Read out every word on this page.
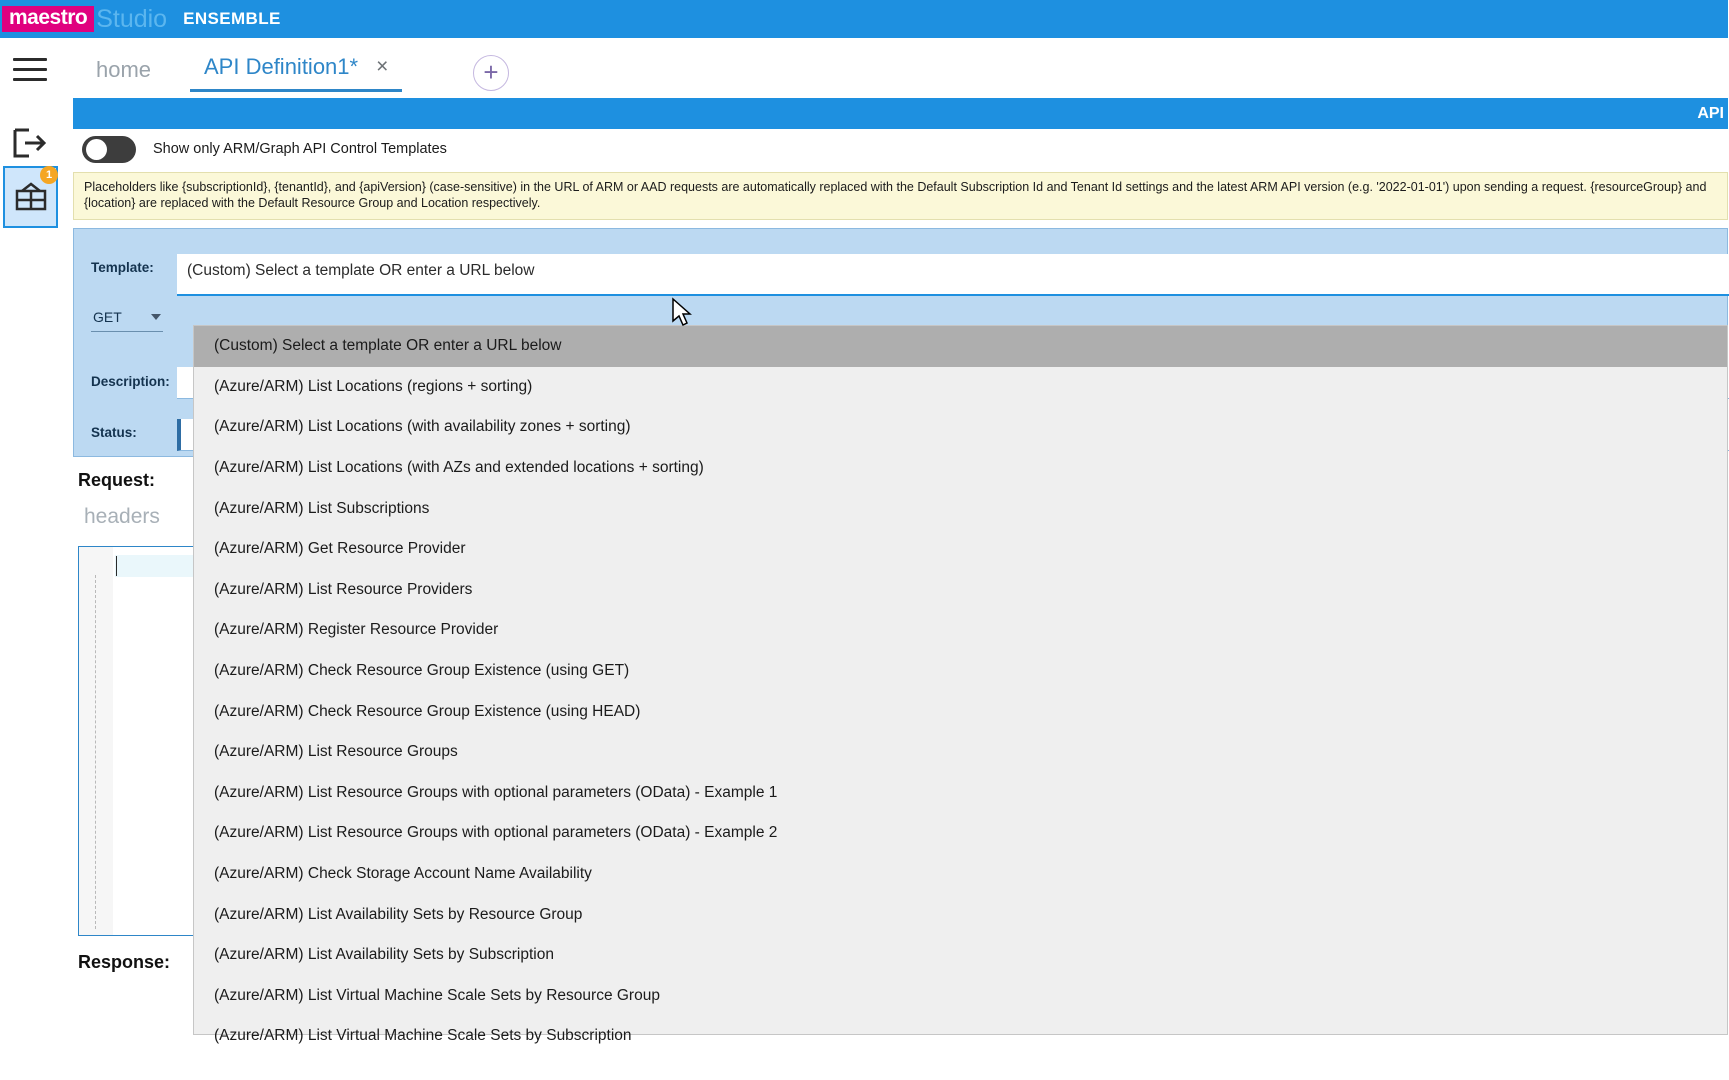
maestro Studio ENSEMBLE
1
home API Definition1* ×	+
API
Show only ARM/Graph API Control Templates
Placeholders like {subscriptionId}, {tenantId}, and {apiVersion} (case-sensitive) in the URL of ARM or AAD requests are automatically replaced with the Default Subscription Id and Tenant Id settings and the latest ARM API version (e.g. '2022-01-01') upon sending a request. {resourceGroup} and {location} are replaced with the Default Resource Group and Location respectively.
Template:	(Custom) Select a template OR enter a URL below
GET
Description:
Status:
Request:
headers
Response:
(Custom) Select a template OR enter a URL below
(Azure/ARM) List Locations (regions + sorting)
(Azure/ARM) List Locations (with availability zones + sorting)
(Azure/ARM) List Locations (with AZs and extended locations + sorting)
(Azure/ARM) List Subscriptions
(Azure/ARM) Get Resource Provider
(Azure/ARM) List Resource Providers
(Azure/ARM) Register Resource Provider
(Azure/ARM) Check Resource Group Existence (using GET)
(Azure/ARM) Check Resource Group Existence (using HEAD)
(Azure/ARM) List Resource Groups
(Azure/ARM) List Resource Groups with optional parameters (OData) - Example 1
(Azure/ARM) List Resource Groups with optional parameters (OData) - Example 2
(Azure/ARM) Check Storage Account Name Availability
(Azure/ARM) List Availability Sets by Resource Group
(Azure/ARM) List Availability Sets by Subscription
(Azure/ARM) List Virtual Machine Scale Sets by Resource Group
(Azure/ARM) List Virtual Machine Scale Sets by Subscription
